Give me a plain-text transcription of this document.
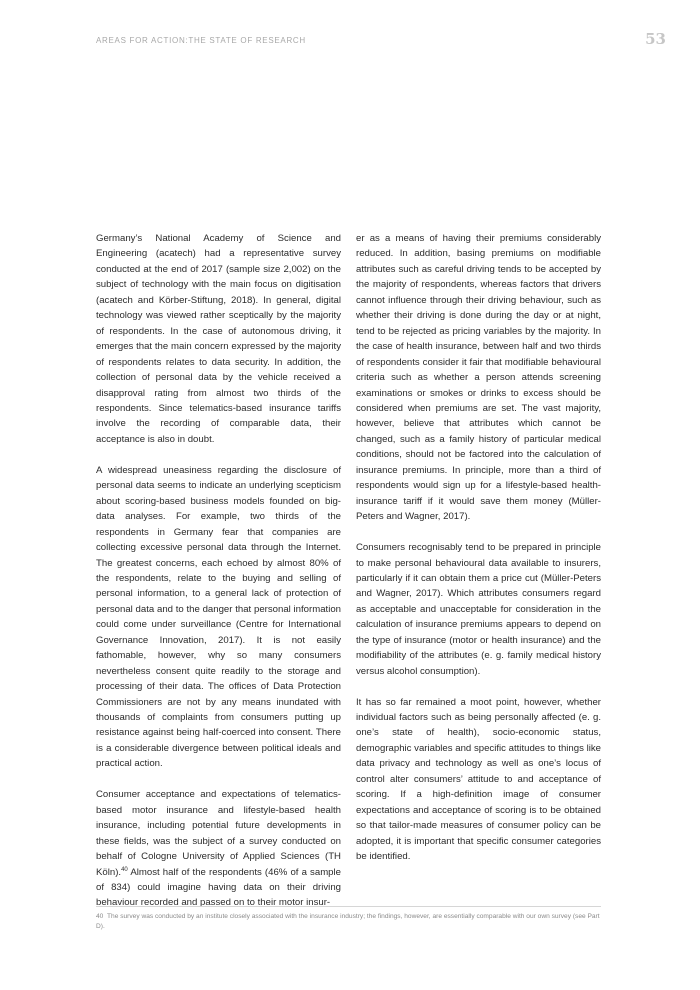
AREAS FOR ACTION:THE STATE OF RESEARCH	53

Germany’s National Academy of Science and Engineering (acatech) had a representative survey conducted at the end of 2017 (sample size 2,002) on the subject of technology with the main focus on digitisation (acatech and Körber-Stiftung, 2018). In general, digital technology was viewed rather sceptically by the majority of respondents. In the case of autonomous driving, it emerges that the main concern expressed by the majority of respondents relates to data security. In addition, the collection of personal data by the vehicle received a disapproval rating from almost two thirds of the respondents. Since telematics-based insurance tariffs involve the recording of comparable data, their acceptance is also in doubt.

A widespread uneasiness regarding the disclosure of personal data seems to indicate an underlying scepticism about scoring-based business models founded on big-data analyses. For example, two thirds of the respondents in Germany fear that companies are collecting excessive personal data through the Internet. The greatest concerns, each echoed by almost 80% of the respondents, relate to the buying and selling of personal information, to a general lack of protection of personal data and to the danger that personal information could come under surveillance (Centre for International Governance Innovation, 2017). It is not easily fathomable, however, why so many consumers nevertheless consent quite readily to the storage and processing of their data. The offices of Data Protection Commissioners are not by any means inundated with thousands of complaints from consumers putting up resistance against being half-coerced into consent. There is a considerable divergence between political ideals and practical action.

Consumer acceptance and expectations of telematics-based motor insurance and lifestyle-based health insurance, including potential future developments in these fields, was the subject of a survey conducted on behalf of Cologne University of Applied Sciences (TH Köln).$^{40}$ Almost half of the respondents (46% of a sample of 834) could imagine having data on their driving behaviour recorded and passed on to their motor insur-

er as a means of having their premiums considerably reduced. In addition, basing premiums on modifiable attributes such as careful driving tends to be accepted by the majority of respondents, whereas factors that drivers cannot influence through their driving behaviour, such as whether their driving is done during the day or at night, tend to be rejected as pricing variables by the majority. In the case of health insurance, between half and two thirds of respondents consider it fair that modifiable behavioural criteria such as whether a person attends screening examinations or smokes or drinks to excess should be considered when premiums are set. The vast majority, however, believe that attributes which cannot be changed, such as a family history of particular medical conditions, should not be factored into the calculation of insurance premiums. In principle, more than a third of respondents would sign up for a lifestyle-based health-insurance tariff if it would save them money (Müller-Peters and Wagner, 2017).

Consumers recognisably tend to be prepared in principle to make personal behavioural data available to insurers, particularly if it can obtain them a price cut (Müller-Peters and Wagner, 2017). Which attributes consumers regard as acceptable and unacceptable for consideration in the calculation of insurance premiums appears to depend on the type of insurance (motor or health insurance) and the modifiability of the attributes (e. g. family medical history versus alcohol consumption).

It has so far remained a moot point, however, whether individual factors such as being personally affected (e. g. one’s state of health), socio-economic status, demographic variables and specific attitudes to things like data privacy and technology as well as one’s locus of control alter consumers’ attitude to and acceptance of scoring. If a high-definition image of consumer expectations and acceptance of scoring is to be obtained so that tailor-made measures of consumer policy can be adopted, it is important that specific consumer categories be identified.

40 The survey was conducted by an institute closely associated with the insurance industry; the findings, however, are essentially comparable with our own survey (see Part D).
